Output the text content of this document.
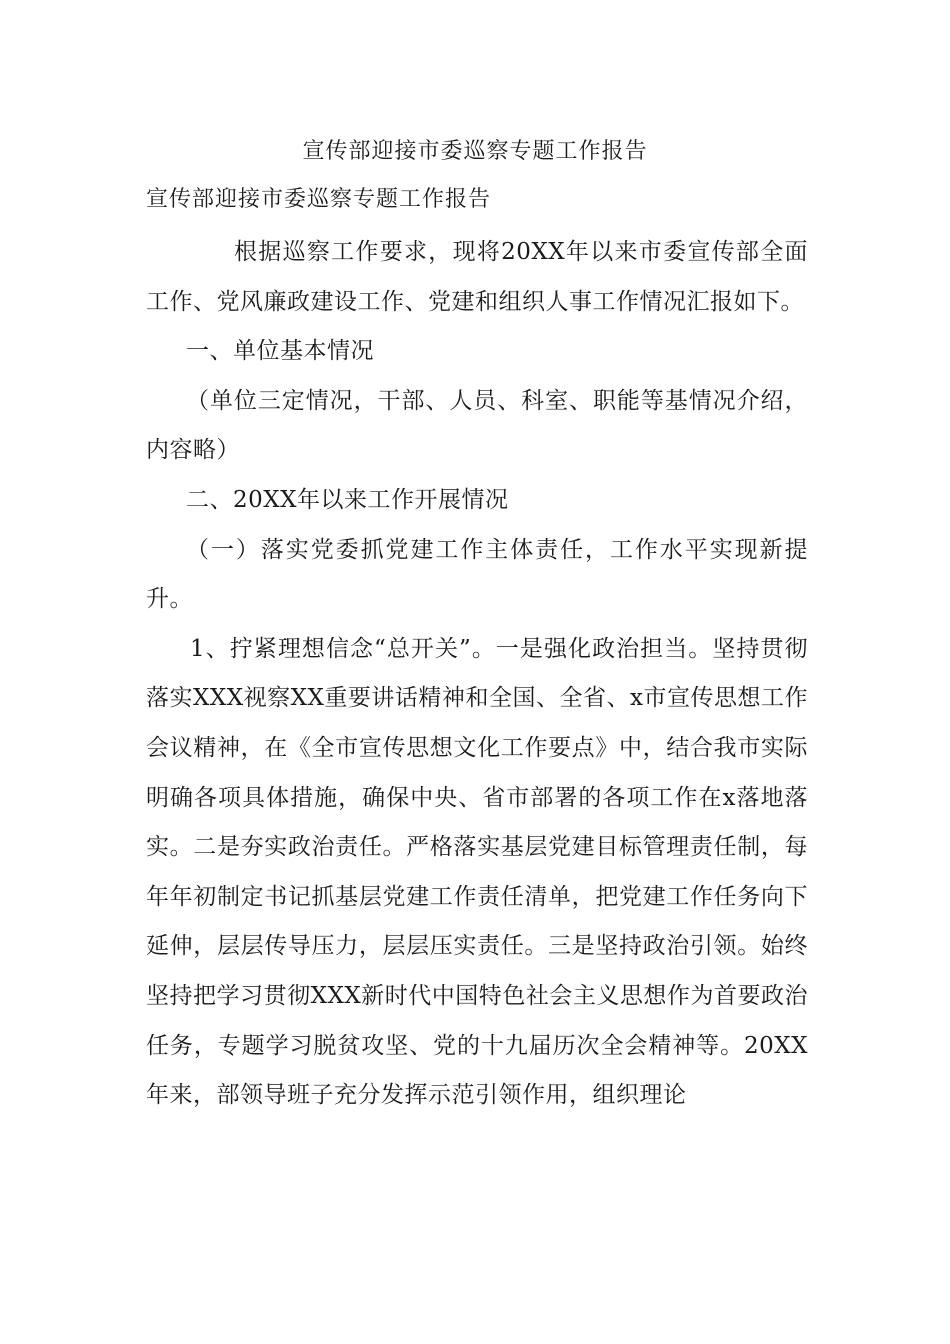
宣传部迎接市委巡察专题工作报告
宣传部迎接市委巡察专题工作报告

根据巡察工作要求，现将20XX年以来市委宣传部全面工作、党风廉政建设工作、党建和组织人事工作情况汇报如下。

一、单位基本情况

（单位三定情况，干部、人员、科室、职能等基情况介绍，内容略）

二、20XX年以来工作开展情况

（一）落实党委抓党建工作主体责任，工作水平实现新提升。

1、拧紧理想信念“总开关”。一是强化政治担当。坚持贯彻落实XXX视察XX重要讲话精神和全国、全省、x市宣传思想工作会议精神，在《全市宣传思想文化工作要点》中，结合我市实际明确各项具体措施，确保中央、省市部署的各项工作在x落地落实。二是夯实政治责任。严格落实基层党建目标管理责任制，每年年初制定书记抓基层党建工作责任清单，把党建工作任务向下延伸，层层传导压力，层层压实责任。三是坚持政治引领。始终坚持把学习贯彻XXX新时代中国特色社会主义思想作为首要政治任务，专题学习脱贫攻坚、党的十九届历次全会精神等。20XX年来，部领导班子充分发挥示范引领作用，组织理论
